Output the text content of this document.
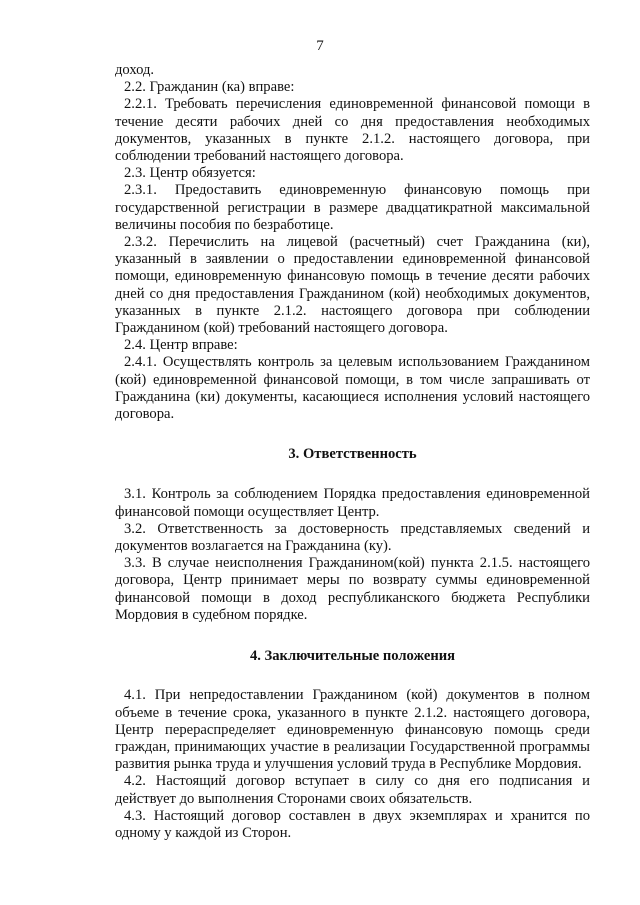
7

доход.

2.2. Гражданин (ка) вправе:

2.2.1. Требовать перечисления единовременной финансовой помощи в течение десяти рабочих дней со дня предоставления необходимых документов, указанных в пункте 2.1.2. настоящего договора, при соблюдении требований настоящего договора.

2.3. Центр обязуется:

2.3.1. Предоставить единовременную финансовую помощь при государственной регистрации в размере двадцатикратной максимальной величины пособия по безработице.

2.3.2. Перечислить на лицевой (расчетный) счет Гражданина (ки), указанный в заявлении о предоставлении единовременной финансовой помощи, единовременную финансовую помощь в течение десяти рабочих дней со дня предоставления Гражданином (кой) необходимых документов, указанных в пункте 2.1.2. настоящего договора при соблюдении Гражданином (кой) требований настоящего договора.

2.4. Центр вправе:

2.4.1. Осуществлять контроль за целевым использованием Гражданином (кой) единовременной финансовой помощи, в том числе запрашивать от Гражданина (ки) документы, касающиеся исполнения условий настоящего договора.

3. Ответственность

3.1. Контроль за соблюдением Порядка предоставления единовременной финансовой помощи осуществляет Центр.

3.2. Ответственность за достоверность представляемых сведений и документов возлагается на Гражданина (ку).

3.3. В случае неисполнения Гражданином(кой) пункта 2.1.5. настоящего договора, Центр принимает меры по возврату суммы единовременной финансовой помощи в доход республиканского бюджета Республики Мордовия в судебном порядке.

4. Заключительные положения

4.1. При непредоставлении Гражданином (кой) документов в полном объеме в течение срока, указанного в пункте 2.1.2. настоящего договора, Центр перераспределяет единовременную финансовую помощь среди граждан, принимающих участие в реализации Государственной программы развития рынка труда и улучшения условий труда в Республике Мордовия.

4.2. Настоящий договор вступает в силу со дня его подписания и действует до выполнения Сторонами своих обязательств.

4.3. Настоящий договор составлен в двух экземплярах и хранится по одному у каждой из Сторон.
